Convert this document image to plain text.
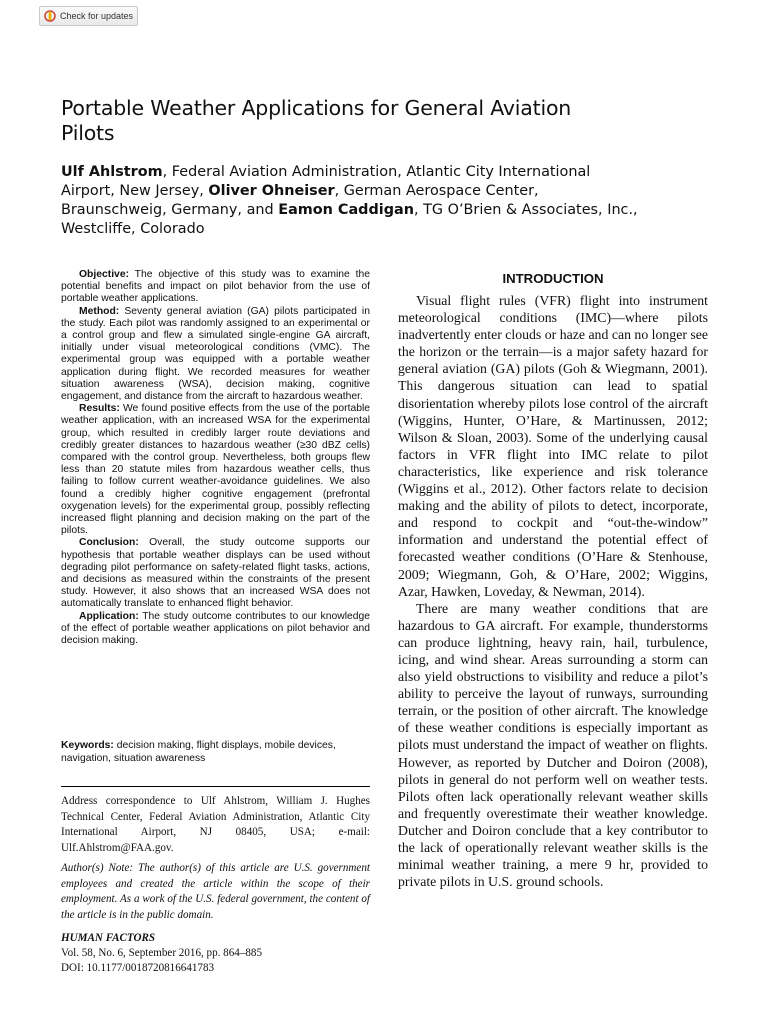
Check for updates
Portable Weather Applications for General Aviation Pilots

Ulf Ahlstrom, Federal Aviation Administration, Atlantic City International Airport, New Jersey, Oliver Ohneiser, German Aerospace Center, Braunschweig, Germany, and Eamon Caddigan, TG O’Brien & Associates, Inc., Westcliffe, Colorado

Objective: The objective of this study was to examine the potential benefits and impact on pilot behavior from the use of portable weather applications.

Method: Seventy general aviation (GA) pilots participated in the study. Each pilot was randomly assigned to an experimental or a control group and flew a simulated single-engine GA aircraft, initially under visual meteorological conditions (VMC). The experimental group was equipped with a portable weather application during flight. We recorded measures for weather situation awareness (WSA), decision making, cognitive engagement, and distance from the aircraft to hazardous weather.

Results: We found positive effects from the use of the portable weather application, with an increased WSA for the experimental group, which resulted in credibly larger route deviations and credibly greater distances to hazardous weather (≥30 dBZ cells) compared with the control group. Nevertheless, both groups flew less than 20 statute miles from hazardous weather cells, thus failing to follow current weather-avoidance guidelines. We also found a credibly higher cognitive engagement (prefrontal oxygenation levels) for the experimental group, possibly reflecting increased flight planning and decision making on the part of the pilots.

Conclusion: Overall, the study outcome supports our hypothesis that portable weather displays can be used without degrading pilot performance on safety-related flight tasks, actions, and decisions as measured within the constraints of the present study. However, it also shows that an increased WSA does not automatically translate to enhanced flight behavior.

Application: The study outcome contributes to our knowledge of the effect of portable weather applications on pilot behavior and decision making.

Keywords: decision making, flight displays, mobile devices, navigation, situation awareness

Address correspondence to Ulf Ahlstrom, William J. Hughes Technical Center, Federal Aviation Administration, Atlantic City International Airport, NJ 08405, USA; e-mail: Ulf.Ahlstrom@FAA.gov.

Author(s) Note: The author(s) of this article are U.S. government employees and created the article within the scope of their employment. As a work of the U.S. federal government, the content of the article is in the public domain.

HUMAN FACTORS
Vol. 58, No. 6, September 2016, pp. 864–885
DOI: 10.1177/0018720816641783
INTRODUCTION

Visual flight rules (VFR) flight into instrument meteorological conditions (IMC)—where pilots inadvertently enter clouds or haze and can no longer see the horizon or the terrain—is a major safety hazard for general aviation (GA) pilots (Goh & Wiegmann, 2001). This dangerous situation can lead to spatial disorientation whereby pilots lose control of the aircraft (Wiggins, Hunter, O’Hare, & Martinussen, 2012; Wilson & Sloan, 2003). Some of the underlying causal factors in VFR flight into IMC relate to pilot characteristics, like experience and risk tolerance (Wiggins et al., 2012). Other factors relate to decision making and the ability of pilots to detect, incorporate, and respond to cockpit and “out-the-window” information and understand the potential effect of forecasted weather conditions (O’Hare & Stenhouse, 2009; Wiegmann, Goh, & O’Hare, 2002; Wiggins, Azar, Hawken, Loveday, & Newman, 2014).

There are many weather conditions that are hazardous to GA aircraft. For example, thunderstorms can produce lightning, heavy rain, hail, turbulence, icing, and wind shear. Areas surrounding a storm can also yield obstructions to visibility and reduce a pilot’s ability to perceive the layout of runways, surrounding terrain, or the position of other aircraft. The knowledge of these weather conditions is especially important as pilots must understand the impact of weather on flights. However, as reported by Dutcher and Doiron (2008), pilots in general do not perform well on weather tests. Pilots often lack operationally relevant weather skills and frequently overestimate their weather knowledge. Dutcher and Doiron conclude that a key contributor to the lack of operationally relevant weather skills is the minimal weather training, a mere 9 hr, provided to private pilots in U.S. ground schools.
